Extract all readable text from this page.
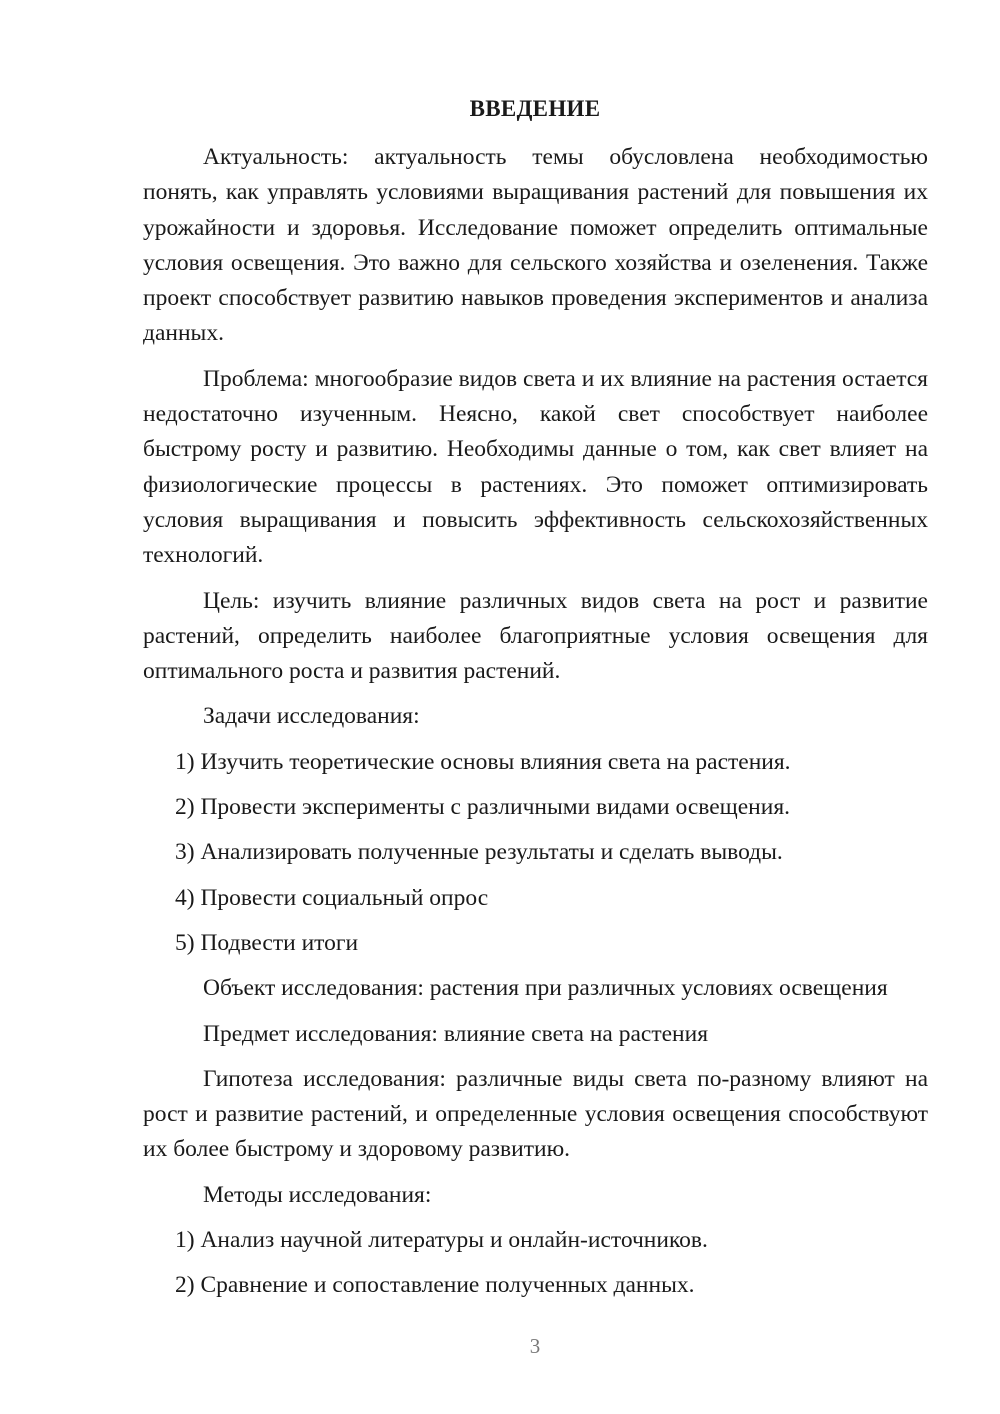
ВВЕДЕНИЕ
Актуальность: актуальность темы обусловлена необходимостью понять, как управлять условиями выращивания растений для повышения их урожайности и здоровья. Исследование поможет определить оптимальные условия освещения. Это важно для сельского хозяйства и озеленения. Также проект способствует развитию навыков проведения экспериментов и анализа данных.
Проблема: многообразие видов света и их влияние на растения остается недостаточно изученным. Неясно, какой свет способствует наиболее быстрому росту и развитию. Необходимы данные о том, как свет влияет на физиологические процессы в растениях. Это поможет оптимизировать условия выращивания и повысить эффективность сельскохозяйственных технологий.
Цель: изучить влияние различных видов света на рост и развитие растений, определить наиболее благоприятные условия освещения для оптимального роста и развития растений.
Задачи исследования:
1) Изучить теоретические основы влияния света на растения.
2) Провести эксперименты с различными видами освещения.
3) Анализировать полученные результаты и сделать выводы.
4) Провести социальный опрос
5) Подвести итоги
Объект исследования: растения при различных условиях освещения
Предмет исследования: влияние света на растения
Гипотеза исследования: различные виды света по-разному влияют на рост и развитие растений, и определенные условия освещения способствуют их более быстрому и здоровому развитию.
Методы исследования:
1) Анализ научной литературы и онлайн-источников.
2) Сравнение и сопоставление полученных данных.
3
